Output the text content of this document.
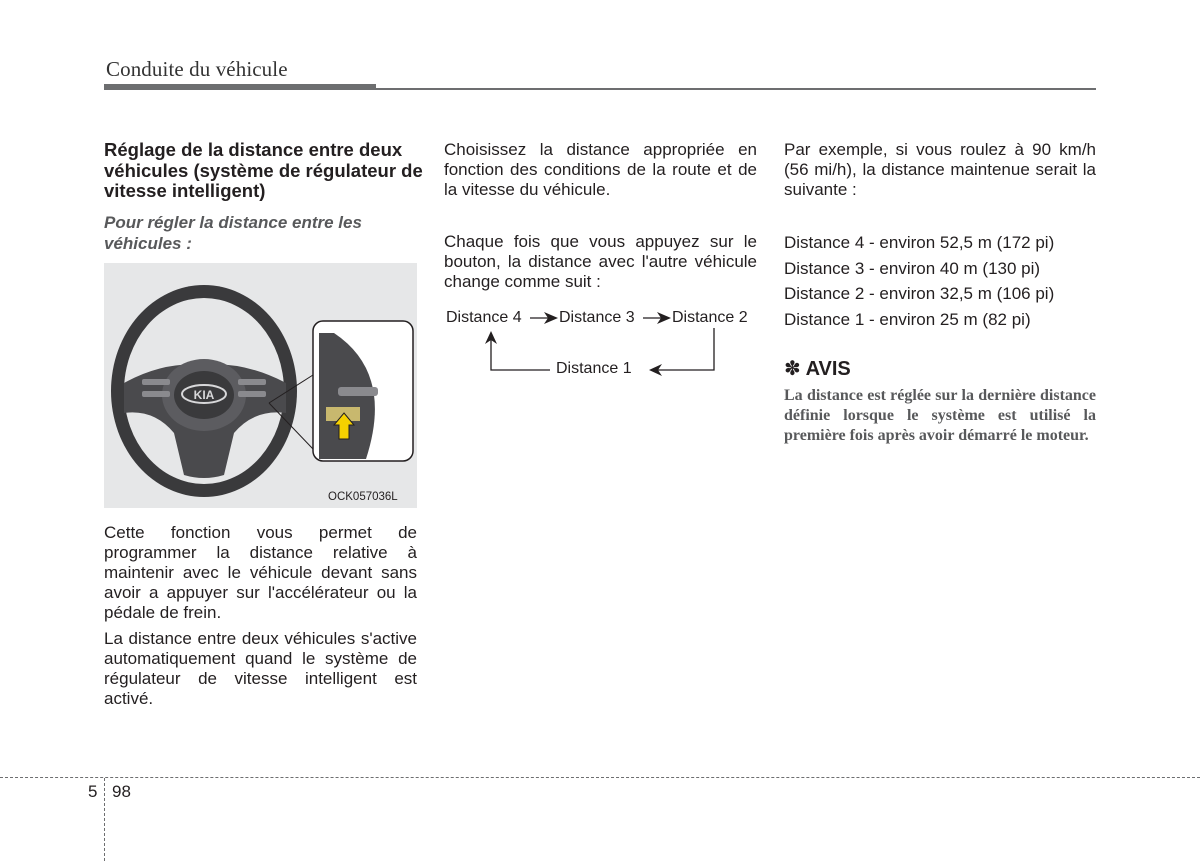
Conduite du véhicule
Réglage de la distance entre deux véhicules (système de régulateur de vitesse intelligent)
Pour régler la distance entre les véhicules :
KIA
OCK057036L
Cette fonction vous permet de programmer la distance relative à maintenir avec le véhicule devant sans avoir a appuyer sur l'accélérateur ou la pédale de frein.
La distance entre deux véhicules s'active automatiquement quand le système de régulateur de vitesse intelligent est activé.
Choisissez la distance appropriée en fonction des conditions de la route et de la vitesse du véhicule.
Chaque fois que vous appuyez sur le bouton, la distance avec l'autre véhicule change comme suit :
Distance 4 Distance 3 Distance 2
Distance 1
Par exemple, si vous roulez à 90 km/h (56 mi/h), la distance maintenue serait la suivante :
Distance 4 - environ 52,5 m (172 pi)
Distance 3 - environ 40 m (130 pi)
Distance 2 - environ 32,5 m (106 pi)
Distance 1 - environ 25 m (82 pi)
✽ AVIS
La distance est réglée sur la dernière distance définie lorsque le système est utilisé la première fois après avoir démarré le moteur.
5 98
